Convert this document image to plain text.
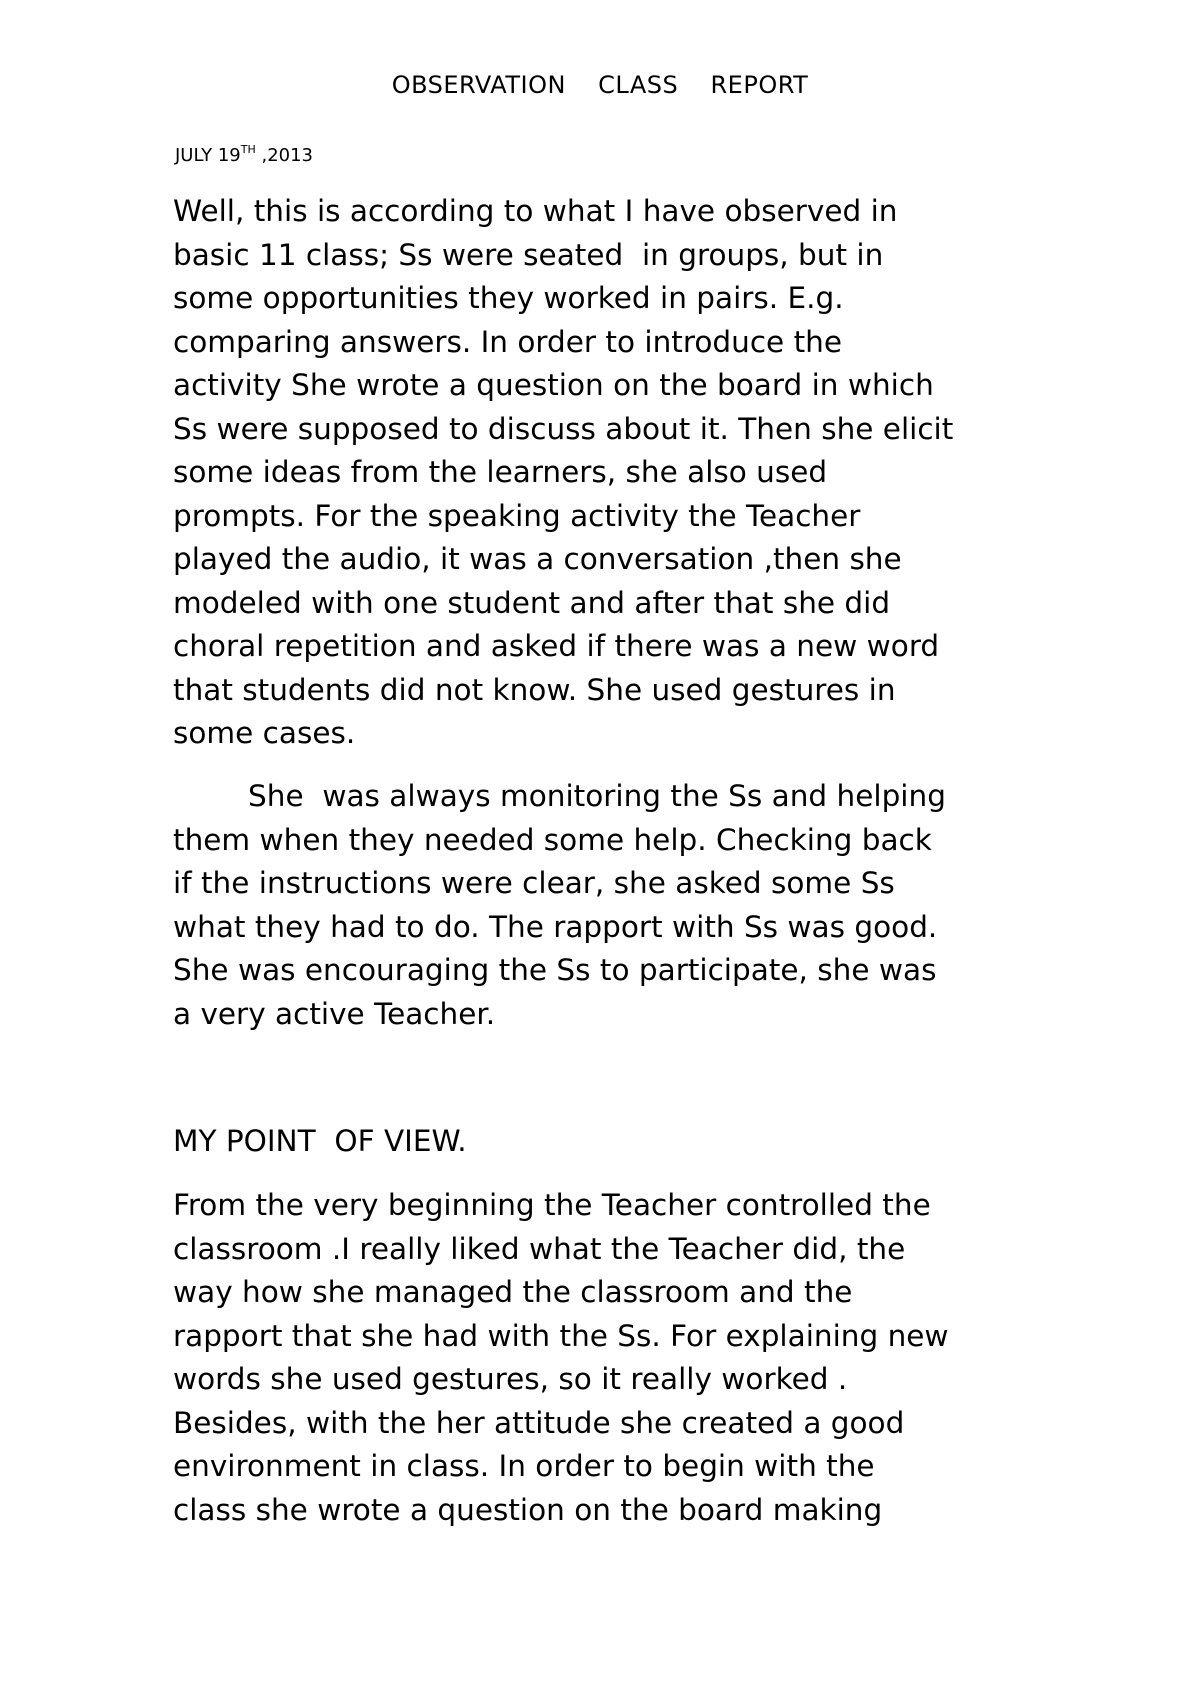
OBSERVATION  CLASS  REPORT
JULY 19TH ,2013
Well, this is according to what I have observed in
basic 11 class; Ss were seated  in groups, but in
some opportunities they worked in pairs. E.g.
comparing answers. In order to introduce the
activity She wrote a question on the board in which
Ss were supposed to discuss about it. Then she elicit
some ideas from the learners, she also used
prompts. For the speaking activity the Teacher
played the audio, it was a conversation ,then she
modeled with one student and after that she did
choral repetition and asked if there was a new word
that students did not know. She used gestures in
some cases.
She  was always monitoring the Ss and helping
them when they needed some help. Checking back
if the instructions were clear, she asked some Ss
what they had to do. The rapport with Ss was good.
She was encouraging the Ss to participate, she was
a very active Teacher.
MY POINT  OF VIEW.
From the very beginning the Teacher controlled the
classroom .I really liked what the Teacher did, the
way how she managed the classroom and the
rapport that she had with the Ss. For explaining new
words she used gestures, so it really worked .
Besides, with the her attitude she created a good
environment in class. In order to begin with the
class she wrote a question on the board making
